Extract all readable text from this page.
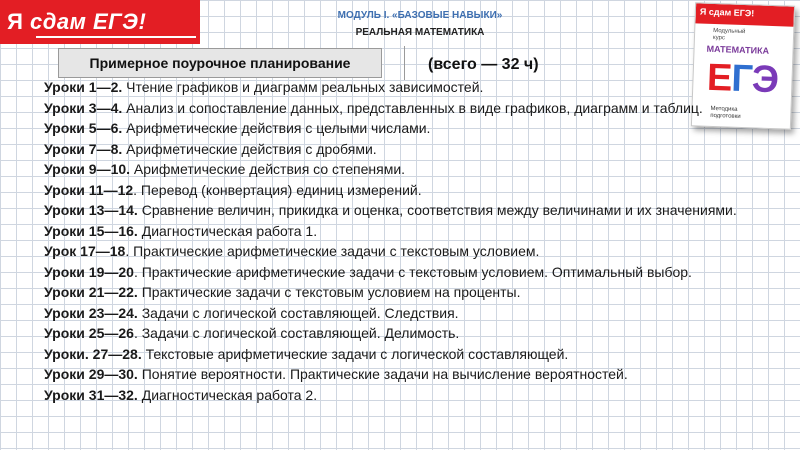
Я сдам ЕГЭ!	МОДУЛЬ I. «БАЗОВЫЕ НАВЫКИ»
РЕАЛЬНАЯ МАТЕМАТИКА
Примерное поурочное планирование	(всего — 32 ч)
Я сдам ЕГЭ!
Модульный
курс
МАТЕМАТИКА
ЕГЭ
Методика
подготовки
Уроки 1—2. Чтение графиков и диаграмм реальных зависимостей.
Уроки 3—4. Анализ и сопоставление данных, представленных в виде графиков, диаграмм и таблиц.
Уроки 5—6. Арифметические действия с целыми числами.
Уроки 7—8. Арифметические действия с дробями.
Уроки 9—10. Арифметические действия со степенями.
Уроки 11—12. Перевод (конвертация) единиц измерений.
Уроки 13—14. Сравнение величин, прикидка и оценка, соответствия между величинами и их значениями.
Уроки 15—16. Диагностическая работа 1.
Урок 17—18. Практические арифметические задачи с текстовым условием.
Уроки 19—20. Практические арифметические задачи с текстовым условием. Оптимальный выбор.
Уроки 21—22. Практические задачи с текстовым условием на проценты.
Уроки 23—24. Задачи с логической составляющей. Следствия.
Уроки 25—26. Задачи с логической составляющей. Делимость.
Уроки. 27—28. Текстовые арифметические задачи с логической составляющей.
Уроки 29—30. Понятие вероятности. Практические задачи на вычисление вероятностей.
Уроки 31—32. Диагностическая работа 2.
